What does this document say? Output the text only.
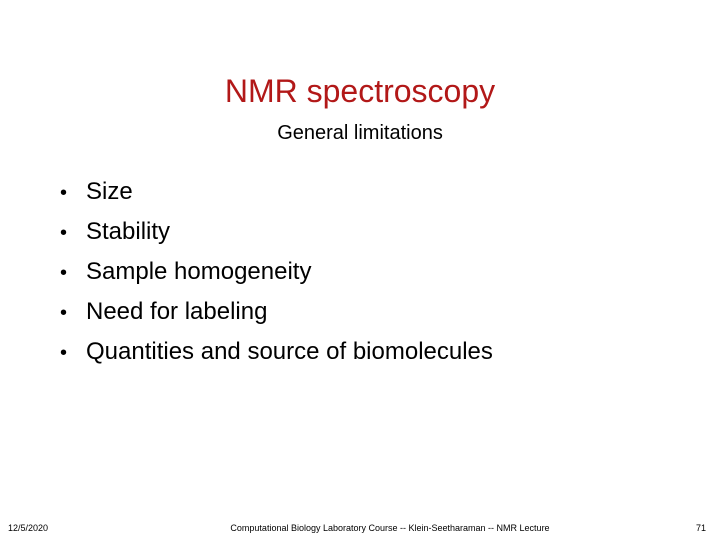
NMR spectroscopy
General limitations
• Size
• Stability
• Sample homogeneity
• Need for labeling
• Quantities and source of biomolecules
12/5/2020	Computational Biology Laboratory Course -- Klein-Seetharaman -- NMR Lecture	71
